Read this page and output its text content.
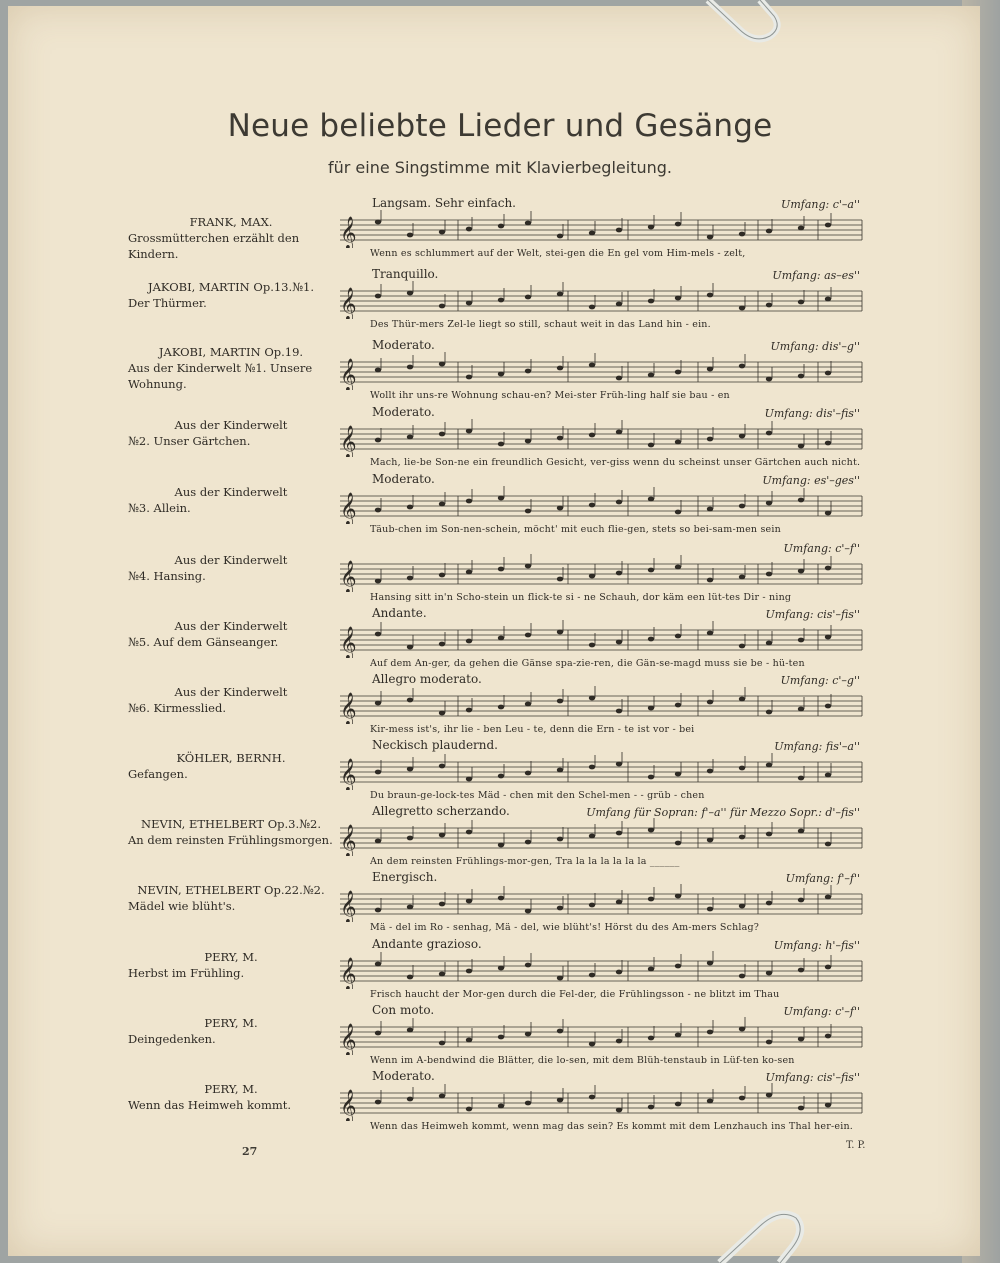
Neue beliebte Lieder und Gesänge
für eine Singstimme mit Klavierbegleitung.
FRANK, MAX.
Grossmütterchen erzählt den Kindern.
Langsam. Sehr einfach.	Umfang: c'–a''
𝄞
Wenn es schlummert auf der Welt, stei-gen die En gel vom Him-mels - zelt,
JAKOBI, MARTIN Op.13.№1.
Der Thürmer.
Tranquillo.	Umfang: as–es''
𝄞
Des Thür-mers Zel-le liegt so still, schaut weit in das Land hin - ein.
JAKOBI, MARTIN Op.19.
Aus der Kinderwelt №1. Unsere Wohnung.
Moderato.	Umfang: dis'–g''
𝄞
Wollt ihr uns-re Wohnung schau-en? Mei-ster Früh-ling half sie bau - en
Aus der Kinderwelt
№2. Unser Gärtchen.
Moderato.	Umfang: dis'–fis''
𝄞
Mach, lie-be Son-ne ein freundlich Gesicht, ver-giss wenn du scheinst unser Gärtchen auch nicht.
Aus der Kinderwelt
№3. Allein.
Moderato.	Umfang: es'–ges''
𝄞
Täub-chen im Son-nen-schein, möcht' mit euch flie-gen, stets so bei-sam-men sein
Aus der Kinderwelt
№4. Hansing.
Umfang: c'–f''
𝄞
Hansing sitt in'n Scho-stein un flick-te si - ne Schauh, dor käm een lüt-tes Dir - ning
Aus der Kinderwelt
№5. Auf dem Gänseanger.
Andante.	Umfang: cis'–fis''
𝄞
Auf dem An-ger, da gehen die Gänse spa-zie-ren, die Gän-se-magd muss sie be - hü-ten
Aus der Kinderwelt
№6. Kirmesslied.
Allegro moderato.	Umfang: c'–g''
𝄞
Kir-mess ist's, ihr lie - ben Leu - te, denn die Ern - te ist vor - bei
KÖHLER, BERNH.
Gefangen.
Neckisch plaudernd.	Umfang: fis'–a''
𝄞
Du braun-ge-lock-tes Mäd - chen mit den Schel-men - - grüb - chen
NEVIN, ETHELBERT Op.3.№2.
An dem reinsten Frühlingsmorgen.
Allegretto scherzando.	Umfang für Sopran: f'–a'' für Mezzo Sopr.: d'–fis''
𝄞
An dem reinsten Frühlings-mor-gen, Tra la la la la la la ______
NEVIN, ETHELBERT Op.22.№2.
Mädel wie blüht's.
Energisch.	Umfang: f'–f''
𝄞
Mä - del im Ro - senhag, Mä - del, wie blüht's! Hörst du des Am-mers Schlag?
PERY, M.
Herbst im Frühling.
Andante grazioso.	Umfang: h'–fis''
𝄞
Frisch haucht der Mor-gen durch die Fel-der, die Frühlingsson - ne blitzt im Thau
PERY, M.
Deingedenken.
Con moto.	Umfang: c'–f''
𝄞
Wenn im A-bendwind die Blätter, die lo-sen, mit dem Blüh-tenstaub in Lüf-ten ko-sen
PERY, M.
Wenn das Heimweh kommt.
Moderato.	Umfang: cis'–fis''
𝄞
Wenn das Heimweh kommt, wenn mag das sein? Es kommt mit dem Lenzhauch ins Thal her-ein.
27	T. P.
